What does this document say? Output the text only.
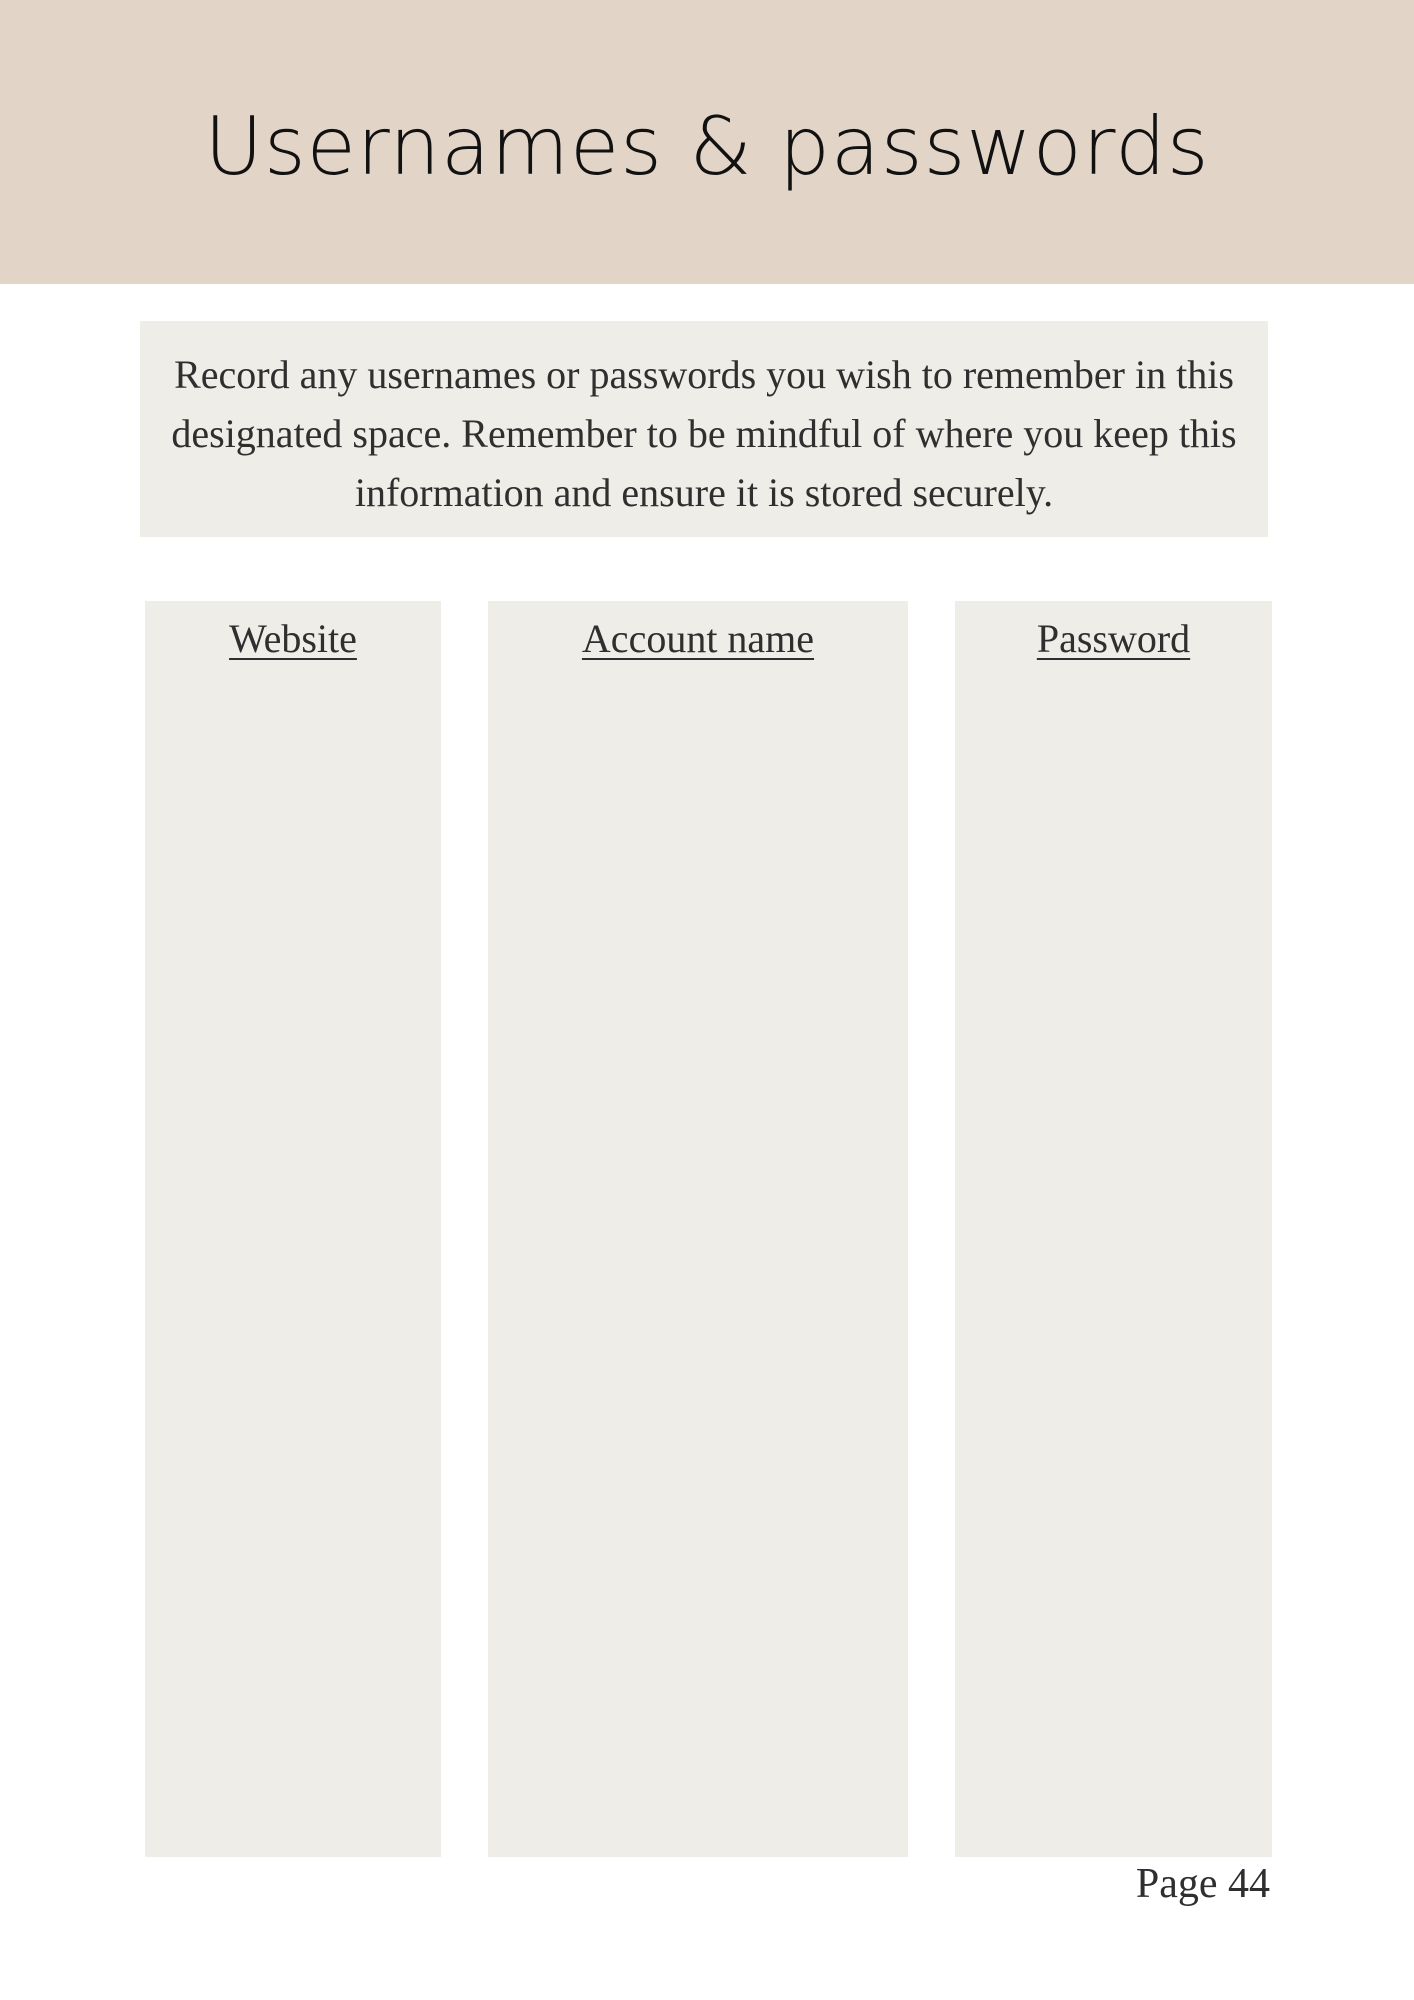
Usernames & passwords

Record any usernames or passwords you wish to remember in this designated space. Remember to be mindful of where you keep this information and ensure it is stored securely.

Website	Account name	Password

Page 44
